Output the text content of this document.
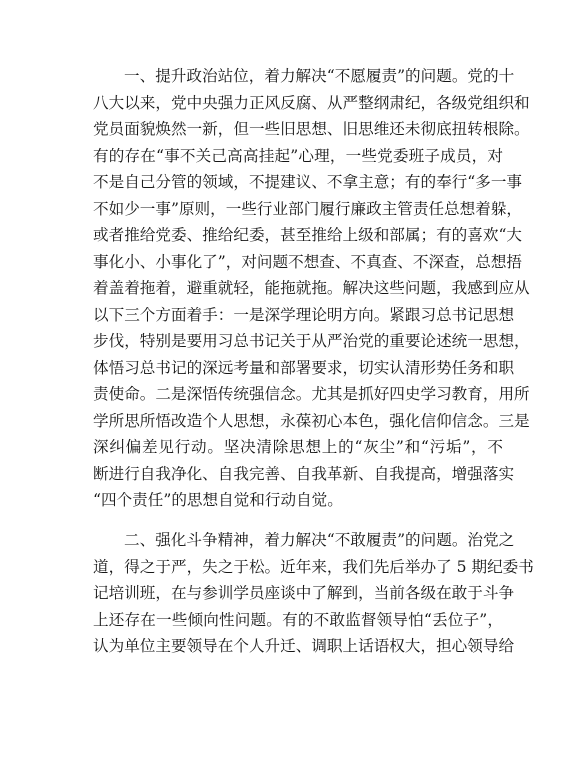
一、提升政治站位，着力解决“不愿履责”的问题。党的十
八大以来，党中央强力正风反腐、从严整纲肃纪，各级党组织和
党员面貌焕然一新，但一些旧思想、旧思维还未彻底扭转根除。
有的存在“事不关己高高挂起”心理，一些党委班子成员，对
不是自己分管的领域，不提建议、不拿主意；有的奉行“多一事
不如少一事”原则，一些行业部门履行廉政主管责任总想着躲，
或者推给党委、推给纪委，甚至推给上级和部属；有的喜欢“大
事化小、小事化了”，对问题不想查、不真查、不深查，总想捂
着盖着拖着，避重就轻，能拖就拖。解决这些问题，我感到应从
以下三个方面着手：一是深学理论明方向。紧跟习总书记思想
步伐，特别是要用习总书记关于从严治党的重要论述统一思想，
体悟习总书记的深远考量和部署要求，切实认清形势任务和职
责使命。二是深悟传统强信念。尤其是抓好四史学习教育，用所
学所思所悟改造个人思想，永葆初心本色，强化信仰信念。三是
深纠偏差见行动。坚决清除思想上的“灰尘”和“污垢”，不
断进行自我净化、自我完善、自我革新、自我提高，增强落实
“四个责任”的思想自觉和行动自觉。
二、强化斗争精神，着力解决“不敢履责”的问题。治党之
道，得之于严，失之于松。近年来，我们先后举办了 5 期纪委书
记培训班，在与参训学员座谈中了解到，当前各级在敢于斗争
上还存在一些倾向性问题。有的不敢监督领导怕“丢位子”，
认为单位主要领导在个人升迁、调职上话语权大，担心领导给
